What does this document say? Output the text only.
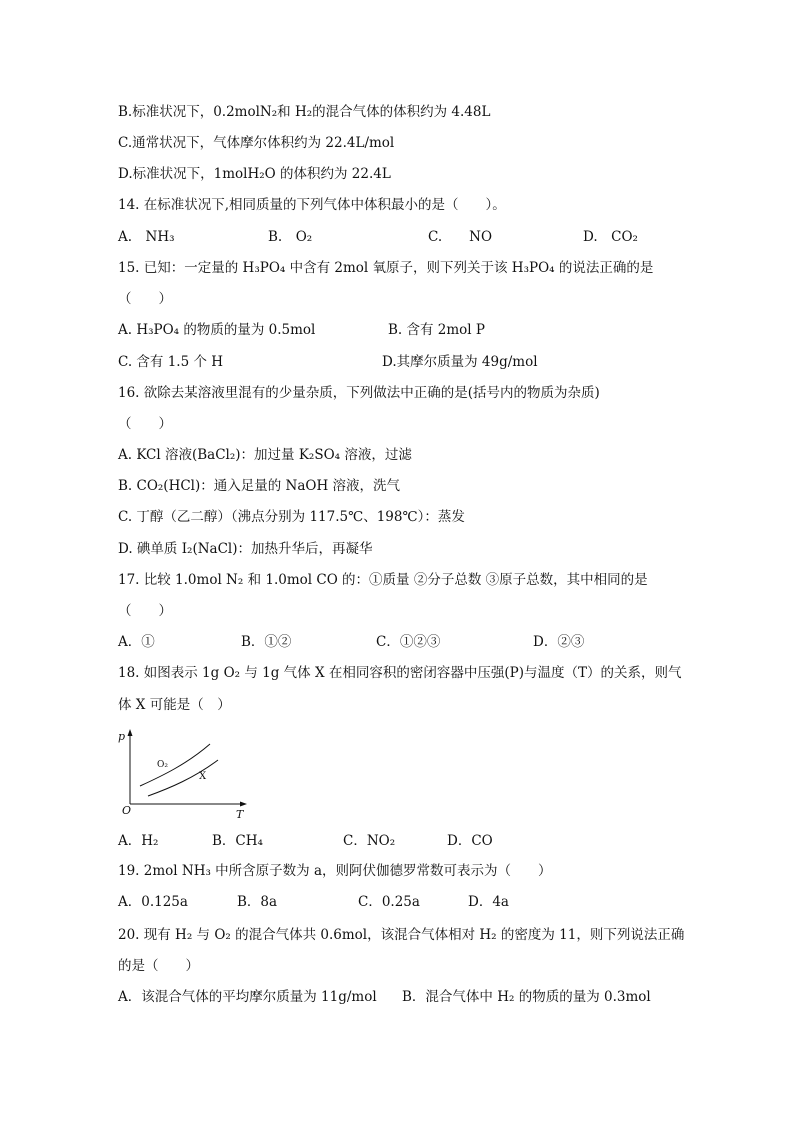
B.标准状况下，0.2molN₂和 H₂的混合气体的体积约为 4.48L
C.通常状况下，气体摩尔体积约为 22.4L/mol
D.标准状况下，1molH₂O 的体积约为 22.4L
14. 在标准状况下,相同质量的下列气体中体积最小的是（　　）。
A.　NH₃	B.　O₂	C.　　NO	D.　CO₂
15. 已知：一定量的 H₃PO₄ 中含有 2mol 氧原子，则下列关于该 H₃PO₄ 的说法正确的是
（　　）
A. H₃PO₄ 的物质的量为 0.5mol	B. 含有 2mol P
C. 含有 1.5 个 H	D.其摩尔质量为 49g/mol
16. 欲除去某溶液里混有的少量杂质，下列做法中正确的是(括号内的物质为杂质)
（　　）
A. KCl 溶液(BaCl₂)：加过量 K₂SO₄ 溶液，过滤
B. CO₂(HCl)：通入足量的 NaOH 溶液，洗气
C. 丁醇（乙二醇）（沸点分别为 117.5℃、198℃）：蒸发
D. 碘单质 I₂(NaCl)：加热升华后，再凝华
17. 比较 1.0mol N₂ 和 1.0mol CO 的：①质量 ②分子总数 ③原子总数，其中相同的是
（　　）
A．①	B．①②	C．①②③	D．②③
18. 如图表示 1g O₂ 与 1g 气体 X 在相同容积的密闭容器中压强(P)与温度（T）的关系，则气
体 X 可能是（　）
p
T
O
O₂
X
A．H₂	B．CH₄	C．NO₂	D．CO
19. 2mol NH₃ 中所含原子数为 a，则阿伏伽德罗常数可表示为（　　）
A．0.125a	B．8a	C．0.25a	D．4a
20. 现有 H₂ 与 O₂ 的混合气体共 0.6mol，该混合气体相对 H₂ 的密度为 11，则下列说法正确
的是（　　）
A．该混合气体的平均摩尔质量为 11g/mol B．混合气体中 H₂ 的物质的量为 0.3mol
